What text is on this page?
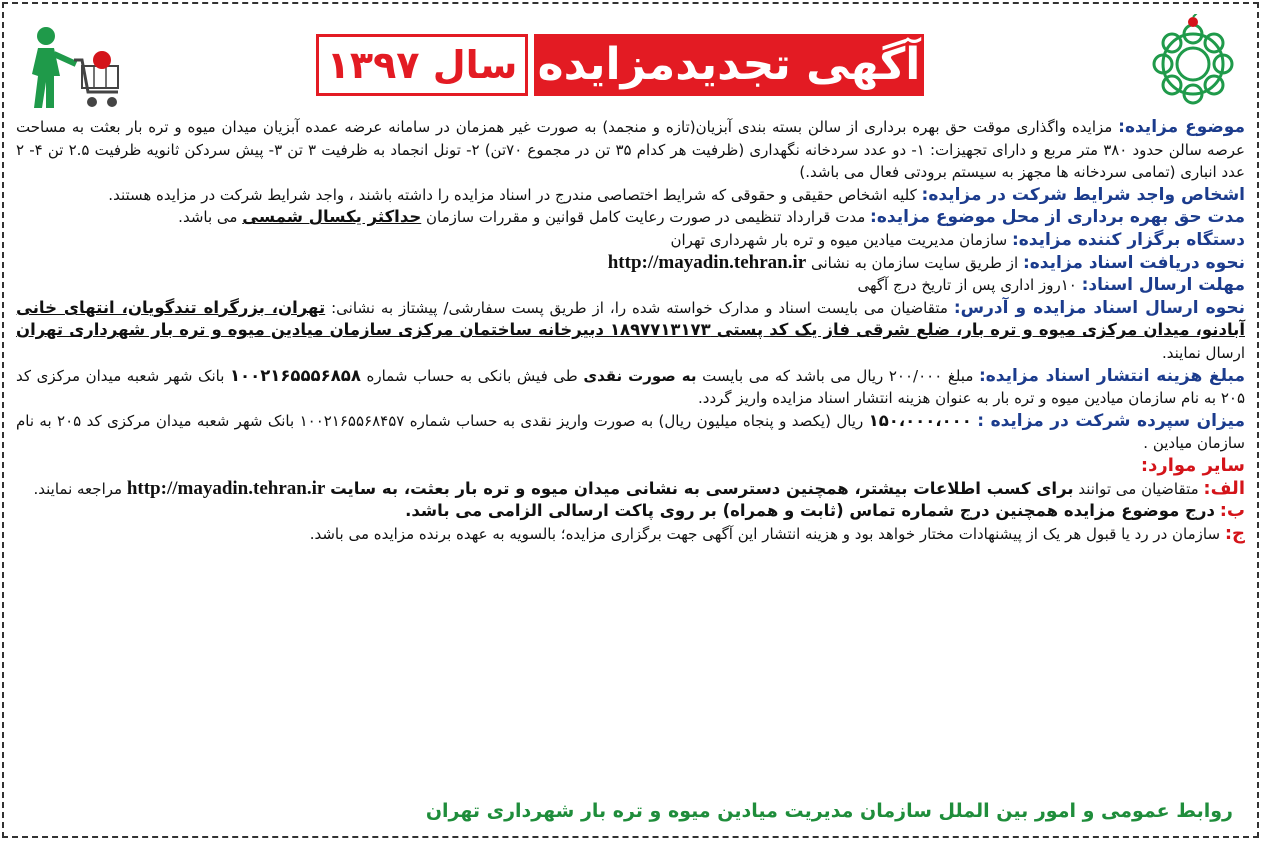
آگهی تجدیدمزایده
سال ۱۳۹۷

موضوع مزایده: مزایده واگذاری موقت حق بهره برداری از سالن بسته بندی آبزیان(تازه و منجمد) به صورت غیر همزمان در سامانه عرضه عمده آبزیان میدان میوه و تره بار بعثت به مساحت عرصه سالن حدود ۳۸۰ متر مربع و دارای تجهیزات: ۱- دو عدد سردخانه نگهداری (ظرفیت هر کدام ۳۵ تن در مجموع ۷۰تن) ۲- تونل انجماد به ظرفیت ۳ تن ۳- پیش سردکن ثانویه ظرفیت ۲.۵ تن ۴- ۲ عدد انباری (تمامی سردخانه ها مجهز به سیستم برودتی فعال می باشد.)

اشخاص واجد شرایط شرکت در مزایده: کلیه اشخاص حقیقی و حقوقی که شرایط اختصاصی مندرج در اسناد مزایده را داشته باشند ، واجد شرایط شرکت در مزایده هستند.

مدت حق بهره برداری از محل موضوع مزایده: مدت قرارداد تنظیمی در صورت رعایت کامل قوانین و مقررات سازمان حداکثر یکسال شمسی می باشد.

دستگاه برگزار کننده مزایده: سازمان مدیریت میادین میوه و تره بار شهرداری تهران

نحوه دریافت اسناد مزایده: از طریق سایت سازمان به نشانی http://mayadin.tehran.ir

مهلت ارسال اسناد: ۱۰روز اداری پس از تاریخ درج آگهی

نحوه ارسال اسناد مزایده و آدرس: متقاضیان می بایست اسناد و مدارک خواسته شده را، از طریق پست سفارشی/ پیشتاز به نشانی: تهران، بزرگراه تندگویان، انتهای خانی آبادنو، میدان مرکزی میوه و تره بار، ضلع شرقی فاز یک کد پستی ۱۸۹۷۷۱۳۱۷۳ دبیرخانه ساختمان مرکزی سازمان میادین میوه و تره بار شهرداری تهران ارسال نمایند.

مبلغ هزینه انتشار اسناد مزایده: مبلغ ۲۰۰/۰۰۰ ریال می باشد که می بایست به صورت نقدی طی فیش بانکی به حساب شماره ۱۰۰۲۱۶۵۵۵۶۸۵۸ بانک شهر شعبه میدان مرکزی کد ۲۰۵ به نام سازمان میادین میوه و تره بار به عنوان هزینه انتشار اسناد مزایده واریز گردد.

میزان سپرده شرکت در مزایده : ۱۵۰،۰۰۰،۰۰۰ ریال (یکصد و پنجاه میلیون ریال) به صورت واریز نقدی به حساب شماره ۱۰۰۲۱۶۵۵۶۸۴۵۷ بانک شهر شعبه میدان مرکزی کد ۲۰۵ به نام سازمان میادین .

سایر موارد:

الف: متقاضیان می توانند برای کسب اطلاعات بیشتر، همچنین دسترسی به نشانی میدان میوه و تره بار بعثت، به سایت http://mayadin.tehran.ir مراجعه نمایند.

ب: درج موضوع مزایده همچنین درج شماره تماس (ثابت و همراه) بر روی پاکت ارسالی الزامی می باشد.

ج: سازمان در رد یا قبول هر یک از پیشنهادات مختار خواهد بود و هزینه انتشار این آگهی جهت برگزاری مزایده؛ بالسویه به عهده برنده مزایده می باشد.

روابط عمومی و امور بین الملل سازمان مدیریت میادین میوه و تره بار شهرداری تهران
